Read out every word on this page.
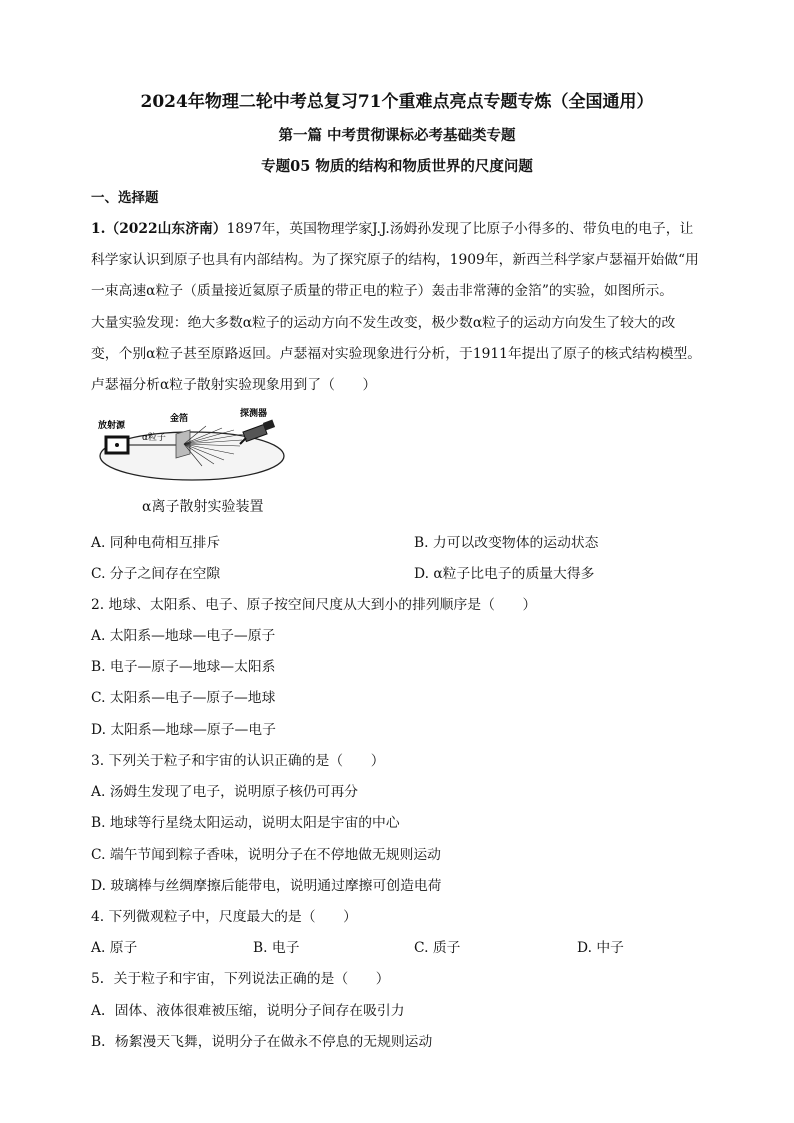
2024年物理二轮中考总复习71个重难点亮点专题专炼（全国通用）
第一篇 中考贯彻课标必考基础类专题
专题05 物质的结构和物质世界的尺度问题
一、选择题
1.（2022山东济南）1897年，英国物理学家J.J.汤姆孙发现了比原子小得多的、带负电的电子，让
科学家认识到原子也具有内部结构。为了探究原子的结构，1909年，新西兰科学家卢瑟福开始做“用
一束高速α粒子（质量接近氦原子质量的带正电的粒子）轰击非常薄的金箔”的实验，如图所示。
大量实验发现：绝大多数α粒子的运动方向不发生改变，极少数α粒子的运动方向发生了较大的改
变，个别α粒子甚至原路返回。卢瑟福对实验现象进行分析，于1911年提出了原子的核式结构模型。
卢瑟福分析α粒子散射实验现象用到了（　　）
放射源
α粒子
金箔	探测器
α离子散射实验装置
A. 同种电荷相互排斥	B. 力可以改变物体的运动状态
C. 分子之间存在空隙	D. α粒子比电子的质量大得多
2. 地球、太阳系、电子、原子按空间尺度从大到小的排列顺序是（　　）
A. 太阳系—地球—电子—原子
B. 电子—原子—地球—太阳系
C. 太阳系—电子—原子—地球
D. 太阳系—地球—原子—电子
3. 下列关于粒子和宇宙的认识正确的是（　　）
A. 汤姆生发现了电子，说明原子核仍可再分
B. 地球等行星绕太阳运动，说明太阳是宇宙的中心
C. 端午节闻到粽子香味，说明分子在不停地做无规则运动
D. 玻璃棒与丝绸摩擦后能带电，说明通过摩擦可创造电荷
4. 下列微观粒子中，尺度最大的是（　　）
A. 原子	B. 电子	C. 质子	D. 中子
5．关于粒子和宇宙，下列说法正确的是（　　）
A．固体、液体很难被压缩，说明分子间存在吸引力
B．杨絮漫天飞舞，说明分子在做永不停息的无规则运动
